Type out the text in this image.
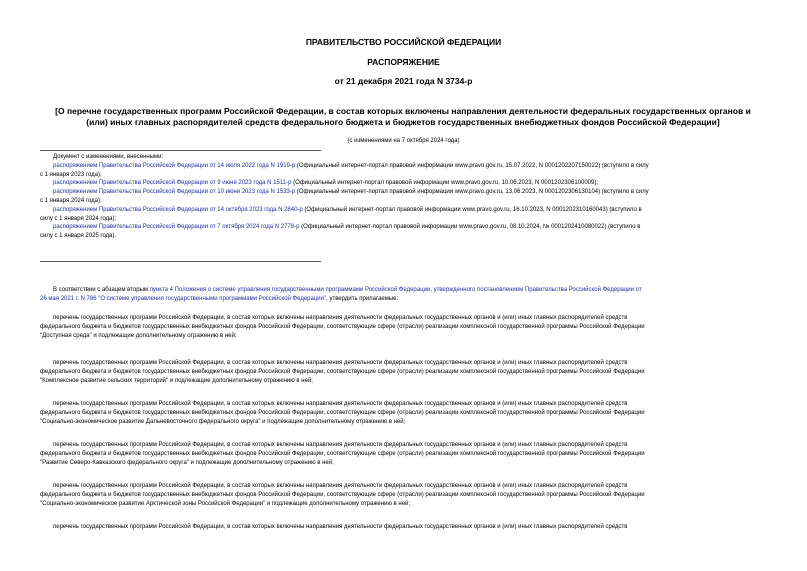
ПРАВИТЕЛЬСТВО РОССИЙСКОЙ ФЕДЕРАЦИИ
РАСПОРЯЖЕНИЕ
от 21 декабря 2021 года N 3734-р
[О перечне государственных программ Российской Федерации, в состав которых включены направления деятельности федеральных государственных органов и
(или) иных главных распорядителей средств федерального бюджета и бюджетов государственных внебюджетных фондов Российской Федерации]
(с изменениями на 7 октября 2024 года)

Документ с изменениями, внесенными:

распоряжением Правительства Российской Федерации от 14 июля 2022 года N 1919-р (Официальный интернет-портал правовой информации www.pravo.gov.ru, 15.07.2022, N 0001202207150022) (вступило в силу

с 1 января 2023 года);

распоряжением Правительства Российской Федерации от 9 июня 2023 года N 1511-р (Официальный интернет-портал правовой информации www.pravo.gov.ru, 10.06.2023, N 0001202306100009);

распоряжением Правительства Российской Федерации от 10 июня 2023 года N 1533-р (Официальный интернет-портал правовой информации www.pravo.gov.ru, 13.06.2023, N 0001202306130104) (вступило в силу

с 1 января 2024 года);

распоряжением Правительства Российской Федерации от 14 октября 2023 года N 2840-р (Официальный интернет-портал правовой информации www.pravo.gov.ru, 16.10.2023, N 0001202310160043) (вступило в

силу с 1 января 2024 года);

распоряжением Правительства Российской Федерации от 7 октября 2024 года N 2778-р (Официальный интернет-портал правовой информации www.pravo.gov.ru, 08.10.2024, № 0001202410080022) (вступило в

силу с 1 января 2025 года).

В соответствии с абзацем вторым пункта 4 Положения о системе управления государственными программами Российской Федерации, утвержденного постановлением Правительства Российской Федерации от

26 мая 2021 г. N 786 "О системе управления государственными программами Российской Федерации", утвердить прилагаемые:

перечень государственных программ Российской Федерации, в состав которых включены направления деятельности федеральных государственных органов и (или) иных главных распорядителей средств

федерального бюджета и бюджетов государственных внебюджетных фондов Российской Федерации, соответствующие сфере (отрасли) реализации комплексной государственной программы Российской Федерации
"Доступная среда" и подлежащие дополнительному отражению в ней;

перечень государственных программ Российской Федерации, в состав которых включены направления деятельности федеральных государственных органов и (или) иных главных распорядителей средств

федерального бюджета и бюджетов государственных внебюджетных фондов Российской Федерации, соответствующие сфере (отрасли) реализации комплексной государственной программы Российской Федерации
"Комплексное развитие сельских территорий" и подлежащие дополнительному отражению в ней;

перечень государственных программ Российской Федерации, в состав которых включены направления деятельности федеральных государственных органов и (или) иных главных распорядителей средств

федерального бюджета и бюджетов государственных внебюджетных фондов Российской Федерации, соответствующие сфере (отрасли) реализации комплексной государственной программы Российской Федерации
"Социально-экономическое развитие Дальневосточного федерального округа" и подлежащие дополнительному отражению в ней;

перечень государственных программ Российской Федерации, в состав которых включены направления деятельности федеральных государственных органов и (или) иных главных распорядителей средств

федерального бюджета и бюджетов государственных внебюджетных фондов Российской Федерации, соответствующие сфере (отрасли) реализации комплексной государственной программы Российской Федерации
"Развитие Северо-Кавказского федерального округа" и подлежащие дополнительному отражению в ней;

перечень государственных программ Российской Федерации, в состав которых включены направления деятельности федеральных государственных органов и (или) иных главных распорядителей средств

федерального бюджета и бюджетов государственных внебюджетных фондов Российской Федерации, соответствующие сфере (отрасли) реализации комплексной государственной программы Российской Федерации
"Социально-экономическое развитие Арктической зоны Российской Федерации" и подлежащие дополнительному отражению в ней;

перечень государственных программ Российской Федерации, в состав которых включены направления деятельности федеральных государственных органов и (или) иных главных распорядителей средств
